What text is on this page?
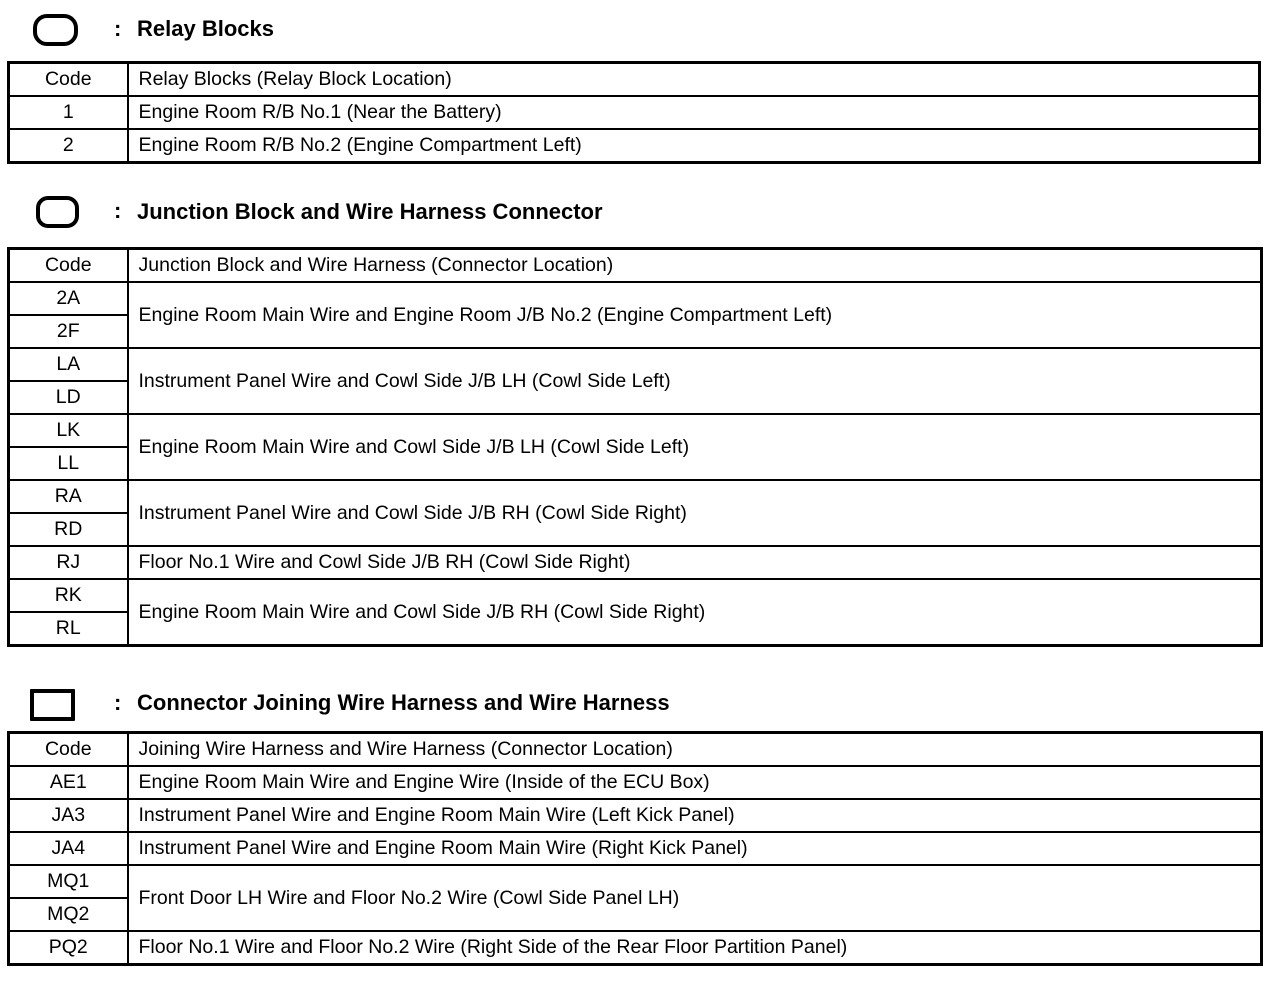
: Relay Blocks
Code	Relay Blocks (Relay Block Location)
1	Engine Room R/B No.1 (Near the Battery)
2	Engine Room R/B No.2 (Engine Compartment Left)
: Junction Block and Wire Harness Connector
Code	Junction Block and Wire Harness (Connector Location)
2A	Engine Room Main Wire and Engine Room J/B No.2 (Engine Compartment Left)
2F	
LA	Instrument Panel Wire and Cowl Side J/B LH (Cowl Side Left)
LD	
LK	Engine Room Main Wire and Cowl Side J/B LH (Cowl Side Left)
LL	
RA	Instrument Panel Wire and Cowl Side J/B RH (Cowl Side Right)
RD	
RJ	Floor No.1 Wire and Cowl Side J/B RH (Cowl Side Right)
RK	Engine Room Main Wire and Cowl Side J/B RH (Cowl Side Right)
RL	
: Connector Joining Wire Harness and Wire Harness
Code	Joining Wire Harness and Wire Harness (Connector Location)
AE1	Engine Room Main Wire and Engine Wire (Inside of the ECU Box)
JA3	Instrument Panel Wire and Engine Room Main Wire (Left Kick Panel)
JA4	Instrument Panel Wire and Engine Room Main Wire (Right Kick Panel)
MQ1	Front Door LH Wire and Floor No.2 Wire (Cowl Side Panel LH)
MQ2	
PQ2	Floor No.1 Wire and Floor No.2 Wire (Right Side of the Rear Floor Partition Panel)
